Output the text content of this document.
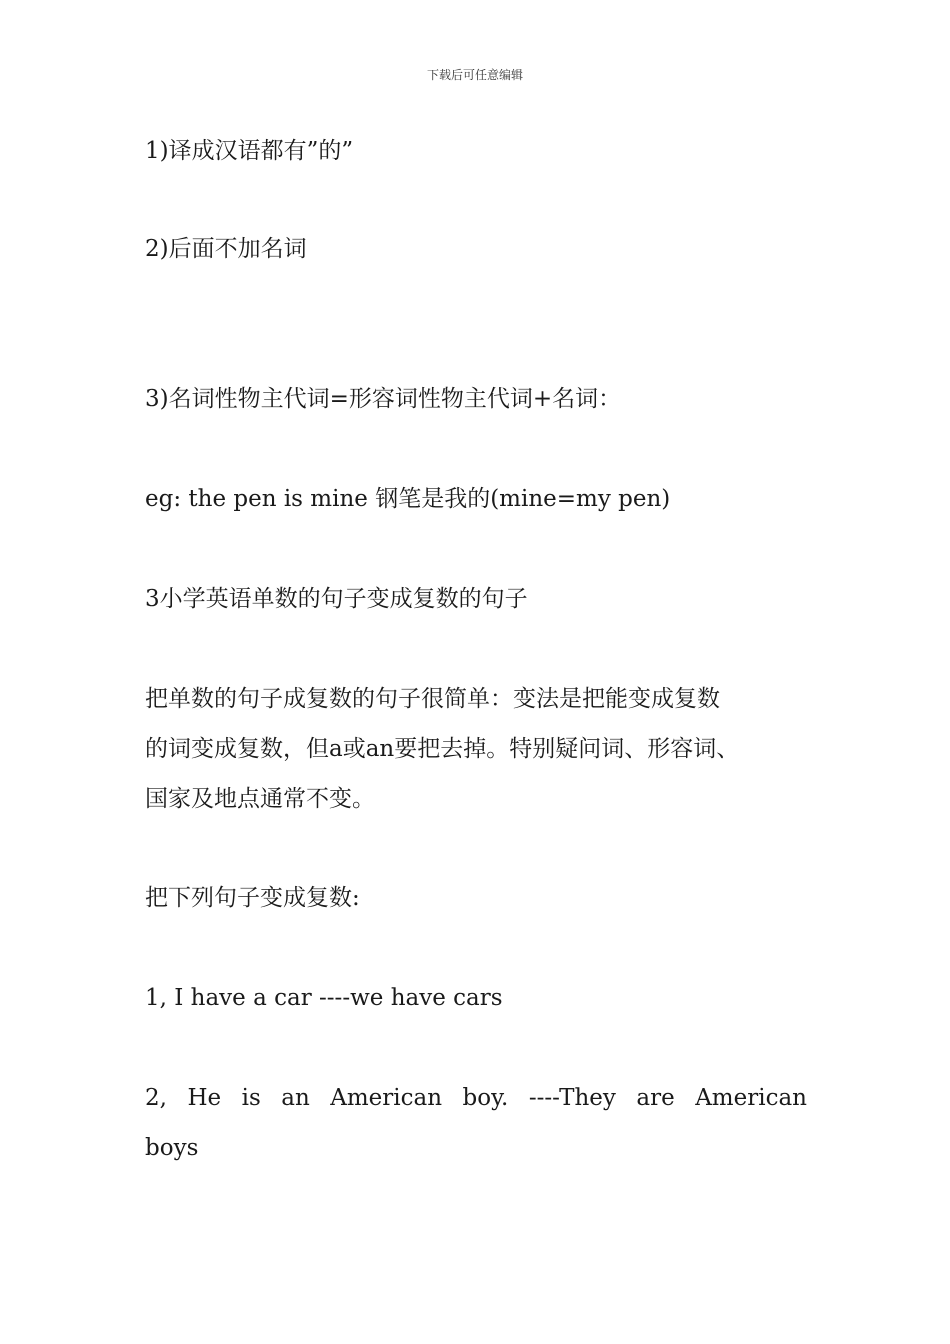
下载后可任意编辑
1)译成汉语都有”的”
2)后面不加名词
3)名词性物主代词=形容词性物主代词+名词：
eg: the pen is mine 钢笔是我的(mine=my pen)
3小学英语单数的句子变成复数的句子
把单数的句子成复数的句子很简单：变法是把能变成复数
的词变成复数，但a或an要把去掉。特别疑问词、形容词、
国家及地点通常不变。
把下列句子变成复数:
1, I have a car ----we have cars
2, He is an American boy. ----They are American
boys
